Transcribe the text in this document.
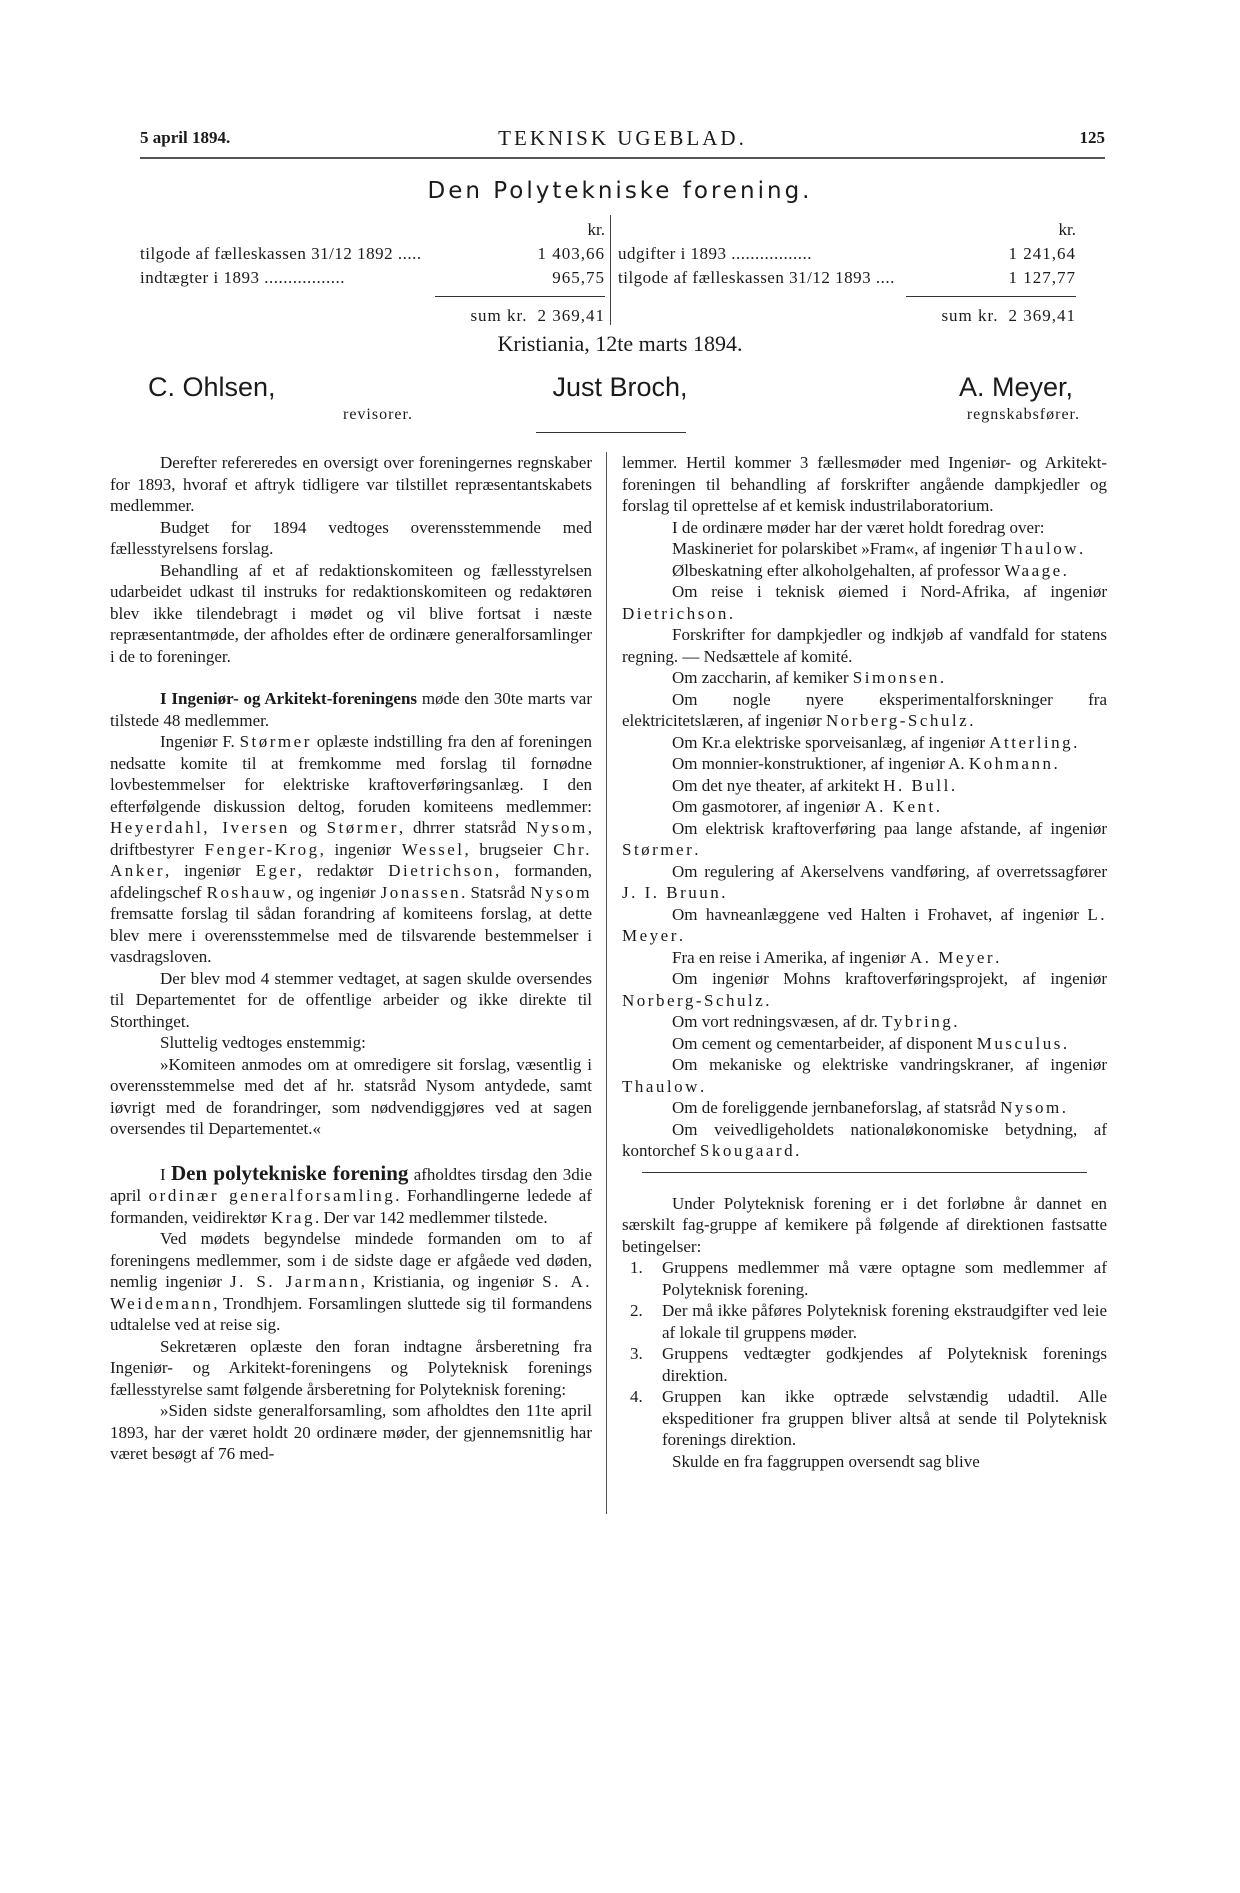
5 april 1894.	TEKNISK UGEBLAD.	125
Den Polytekniske forening.
kr.
tilgode af fælleskassen 31/12 1892 .....	1 403,66
indtægter i 1893 .................	965,75
sum kr. 2 369,41
kr.
udgifter i 1893 .................	1 241,64
tilgode af fælleskassen 31/12 1893 ....	1 127,77
sum kr. 2 369,41
Kristiania, 12te marts 1894.
C. Ohlsen,	Just Broch,	A. Meyer,
revisorer.	regnskabsfører.

Derefter refereredes en oversigt over foreningernes regnskaber for 1893, hvoraf et aftryk tidligere var tilstillet repræsentantskabets medlemmer.

Budget for 1894 vedtoges overensstemmende med fællesstyrelsens forslag.

Behandling af et af redaktionskomiteen og fællesstyrelsen udarbeidet udkast til instruks for redaktionskomiteen og redaktøren blev ikke tilendebragt i mødet og vil blive fortsat i næste repræsentantmøde, der afholdes efter de ordinære generalforsamlinger i de to foreninger.

I Ingeniør- og Arkitekt-foreningens møde den 30te marts var tilstede 48 medlemmer.

Ingeniør F. Størmer oplæste indstilling fra den af foreningen nedsatte komite til at fremkomme med forslag til fornødne lovbestemmelser for elektriske kraftoverføringsanlæg. I den efterfølgende diskussion deltog, foruden komiteens medlemmer: Heyerdahl, Iversen og Størmer, dhrrer statsråd Nysom, driftbestyrer Fenger-Krog, ingeniør Wessel, brugseier Chr. Anker, ingeniør Eger, redaktør Dietrichson, formanden, afdelingschef Roshauw, og ingeniør Jonassen. Statsråd Nysom fremsatte forslag til sådan forandring af komiteens forslag, at dette blev mere i overensstemmelse med de tilsvarende bestemmelser i vasdragsloven.

Der blev mod 4 stemmer vedtaget, at sagen skulde oversendes til Departementet for de offentlige arbeider og ikke direkte til Storthinget.

Sluttelig vedtoges enstemmig:

»Komiteen anmodes om at omredigere sit forslag, væsentlig i overensstemmelse med det af hr. statsråd Nysom antydede, samt iøvrigt med de forandringer, som nødvendiggjøres ved at sagen oversendes til Departementet.«

I Den polytekniske forening afholdtes tirsdag den 3die april ordinær generalforsamling. Forhandlingerne ledede af formanden, veidirektør Krag. Der var 142 medlemmer tilstede.

Ved mødets begyndelse mindede formanden om to af foreningens medlemmer, som i de sidste dage er afgåede ved døden, nemlig ingeniør J. S. Jarmann, Kristiania, og ingeniør S. A. Weidemann, Trondhjem. Forsamlingen sluttede sig til formandens udtalelse ved at reise sig.

Sekretæren oplæste den foran indtagne årsberetning fra Ingeniør- og Arkitekt-foreningens og Polyteknisk forenings fællesstyrelse samt følgende årsberetning for Polyteknisk forening:

»Siden sidste generalforsamling, som afholdtes den 11te april 1893, har der været holdt 20 ordinære møder, der gjennemsnitlig har været besøgt af 76 med-

lemmer. Hertil kommer 3 fællesmøder med Ingeniør- og Arkitekt-foreningen til behandling af forskrifter angående dampkjedler og forslag til oprettelse af et kemisk industrilaboratorium.

I de ordinære møder har der været holdt foredrag over:

Maskineriet for polarskibet »Fram«, af ingeniør Thaulow.

Ølbeskatning efter alkoholgehalten, af professor Waage.

Om reise i teknisk øiemed i Nord-Afrika, af ingeniør Dietrichson.

Forskrifter for dampkjedler og indkjøb af vandfald for statens regning. — Nedsættele af komité.

Om zaccharin, af kemiker Simonsen.

Om nogle nyere eksperimentalforskninger fra elektricitetslæren, af ingeniør Norberg-Schulz.

Om Kr.a elektriske sporveisanlæg, af ingeniør Atterling.

Om monnier-konstruktioner, af ingeniør A. Kohmann.

Om det nye theater, af arkitekt H. Bull.

Om gasmotorer, af ingeniør A. Kent.

Om elektrisk kraftoverføring paa lange afstande, af ingeniør Størmer.

Om regulering af Akerselvens vandføring, af overretssagfører J. I. Bruun.

Om havneanlæggene ved Halten i Frohavet, af ingeniør L. Meyer.

Fra en reise i Amerika, af ingeniør A. Meyer.

Om ingeniør Mohns kraftoverføringsprojekt, af ingeniør Norberg-Schulz.

Om vort redningsvæsen, af dr. Tybring.

Om cement og cementarbeider, af disponent Musculus.

Om mekaniske og elektriske vandringskraner, af ingeniør Thaulow.

Om de foreliggende jernbaneforslag, af statsråd Nysom.

Om veivedligeholdets nationaløkonomiske betydning, af kontorchef Skougaard.

Under Polyteknisk forening er i det forløbne år dannet en særskilt fag-gruppe af kemikere på følgende af direktionen fastsatte betingelser:

1. Gruppens medlemmer må være optagne som medlemmer af Polyteknisk forening.
2. Der må ikke påføres Polyteknisk forening ekstraudgifter ved leie af lokale til gruppens møder.
3. Gruppens vedtægter godkjendes af Polyteknisk forenings direktion.
4. Gruppen kan ikke optræde selvstændig udadtil. Alle ekspeditioner fra gruppen bliver altså at sende til Polyteknisk forenings direktion.

Skulde en fra faggruppen oversendt sag blive
